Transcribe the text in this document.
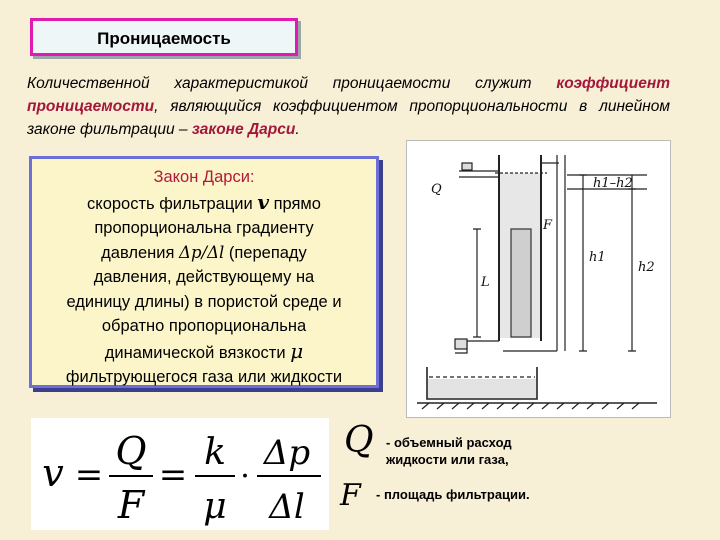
Проницаемость
Количественной характеристикой проницаемости служит коэффициент проницаемости, являющийся коэффициентом пропорциональности в линейном законе фильтрации – законе Дарси.
Закон Дарси:
скорость фильтрации v прямо
пропорциональна градиенту
давления Δp/Δl (перепаду
давления, действующему на
единицу длины) в пористой среде и
обратно пропорциональна
динамической вязкости μ
фильтрующегося газа или жидкости
Q	h1–h2
h1
h2
L
F
v =
Q
F
=
k
μ
·
Δp
Δl
Q - объемный расход
жидкости или газа,
F - площадь фильтрации.
